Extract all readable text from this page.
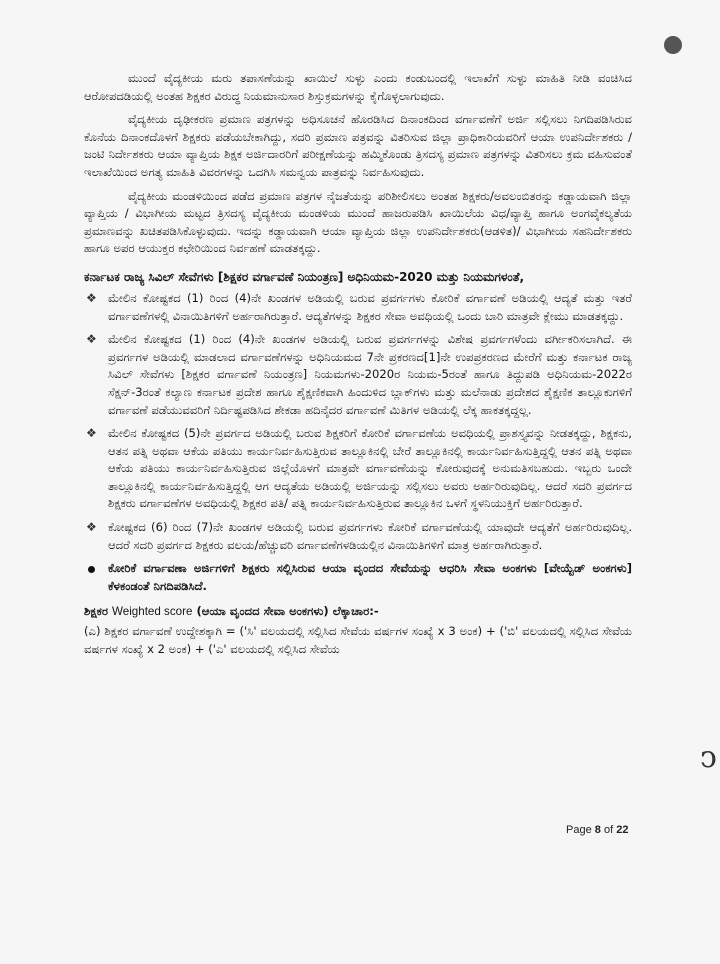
ↄ

ಮುಂದೆ ವೈದ್ಯಕೀಯ ಮರು ತಪಾಸಣೆಯನ್ನು ಖಾಯಿಲೆ ಸುಳ್ಳು ಎಂದು ಕಂಡುಬಂದಲ್ಲಿ ಇಲಾಖೆಗೆ ಸುಳ್ಳು ಮಾಹಿತಿ ನೀಡಿ ವಂಚಿಸಿದ ಆರೋಪದಡಿಯಲ್ಲಿ ಅಂತಹ ಶಿಕ್ಷಕರ ವಿರುದ್ಧ ನಿಯಮಾನುಸಾರ ಶಿಸ್ತುಕ್ರಮಗಳನ್ನು ಕೈಗೊಳ್ಳಲಾಗುವುದು.

ವೈದ್ಯಕೀಯ ದೃಢೀಕರಣ ಪ್ರಮಾಣ ಪತ್ರಗಳನ್ನು ಅಧಿಸೂಚನೆ ಹೊರಡಿಸಿದ ದಿನಾಂಕದಿಂದ ವರ್ಗಾವಣೆಗೆ ಅರ್ಜಿ ಸಲ್ಲಿಸಲು ನಿಗದಿಪಡಿಸಿರುವ ಕೊನೆಯ ದಿನಾಂಕದೊಳಗೆ ಶಿಕ್ಷಕರು ಪಡೆಯಬೇಕಾಗಿದ್ದು, ಸದರಿ ಪ್ರಮಾಣ ಪತ್ರವನ್ನು ವಿತರಿಸುವ ಜಿಲ್ಲಾ ಪ್ರಾಧಿಕಾರಿಯವರಿಗೆ ಆಯಾ ಉಪನಿರ್ದೇಶಕರು /ಜಂಟಿ ನಿರ್ದೇಶಕರು ಆಯಾ ವ್ಯಾಪ್ತಿಯ ಶಿಕ್ಷಕ ಅರ್ಜಿದಾರರಿಗೆ ಪರೀಕ್ಷಣೆಯನ್ನು ಹಮ್ಮಿಕೊಂಡು ತ್ರಿಸದಸ್ಯ ಪ್ರಮಾಣ ಪತ್ರಗಳನ್ನು ವಿತರಿಸಲು ಕ್ರಮ ವಹಿಸುವಂತೆ ಇಲಾಖೆಯಿಂದ ಅಗತ್ಯ ಮಾಹಿತಿ ವಿವರಗಳನ್ನು ಒದಗಿಸಿ ಸಮನ್ವಯ ಪಾತ್ರವನ್ನು ನಿರ್ವಹಿಸುವುದು.

ವೈದ್ಯಕೀಯ ಮಂಡಳಿಯಿಂದ ಪಡೆದ ಪ್ರಮಾಣ ಪತ್ರಗಳ ನೈಜತೆಯನ್ನು ಪರಿಶೀಲಿಸಲು ಅಂತಹ ಶಿಕ್ಷಕರು/ಅವಲಂಬಿತರನ್ನು ಕಡ್ಡಾಯವಾಗಿ ಜಿಲ್ಲಾ ವ್ಯಾಪ್ತಿಯ / ವಿಭಾಗೀಯ ಮಟ್ಟದ ತ್ರಿಸದಸ್ಯ ವೈದ್ಯಕೀಯ ಮಂಡಳಿಯ ಮುಂದೆ ಹಾಜರುಪಡಿಸಿ ಖಾಯಿಲೆಯ ವಿಧ/ವ್ಯಾಪ್ತಿ ಹಾಗೂ ಅಂಗವೈಕಲ್ಯತೆಯ ಪ್ರಮಾಣವನ್ನು ಖಚಿತಪಡಿಸಿಕೊಳ್ಳುವುದು. ಇದನ್ನು ಕಡ್ಡಾಯವಾಗಿ ಆಯಾ ವ್ಯಾಪ್ತಿಯ ಜಿಲ್ಲಾ ಉಪನಿರ್ದೇಶಕರು(ಆಡಳಿತ)/ ವಿಭಾಗೀಯ ಸಹನಿರ್ದೇಶಕರು ಹಾಗೂ ಅಪರ ಆಯುಕ್ತರ ಕಛೇರಿಯಿಂದ ನಿರ್ವಹಣೆ ಮಾಡತಕ್ಕದ್ದು.

ಕರ್ನಾಟಕ ರಾಜ್ಯ ಸಿವಿಲ್ ಸೇವೆಗಳು [ಶಿಕ್ಷಕರ ವರ್ಗಾವಣೆ ನಿಯಂತ್ರಣ] ಅಧಿನಿಯಮ-2020 ಮತ್ತು ನಿಯಮಗಳಂತೆ,
❖ ಮೇಲಿನ ಕೋಷ್ಟಕದ (1) ರಿಂದ (4)ನೇ ಖಂಡಗಳ ಅಡಿಯಲ್ಲಿ ಬರುವ ಪ್ರವರ್ಗಗಳು ಕೋರಿಕೆ ವರ್ಗಾವಣೆ ಅಡಿಯಲ್ಲಿ ಆದ್ಯತೆ ಮತ್ತು ಇತರೆ ವರ್ಗಾವಣೆಗಳಲ್ಲಿ ವಿನಾಯಿತಿಗಳಿಗೆ ಅರ್ಹರಾಗಿರುತ್ತಾರೆ. ಆದ್ಯತೆಗಳನ್ನು ಶಿಕ್ಷಕರ ಸೇವಾ ಅವಧಿಯಲ್ಲಿ ಒಂದು ಬಾರಿ ಮಾತ್ರವೇ ಕ್ಲೇಮು ಮಾಡತಕ್ಕದ್ದು.
❖ ಮೇಲಿನ ಕೋಷ್ಟಕದ (1) ರಿಂದ (4)ನೇ ಖಂಡಗಳ ಅಡಿಯಲ್ಲಿ ಬರುವ ಪ್ರವರ್ಗಗಳನ್ನು ವಿಶೇಷ ಪ್ರವರ್ಗಗಳೆಂದು ವರ್ಗೀಕರಿಸಲಾಗಿದೆ. ಈ ಪ್ರವರ್ಗಗಳ ಅಡಿಯಲ್ಲಿ ಮಾಡಲಾದ ವರ್ಗಾವಣೆಗಳನ್ನು ಅಧಿನಿಯಮದ 7ನೇ ಪ್ರಕರಣದ[1]ನೇ ಉಪಪ್ರಕರಣದ ಮೇರೆಗೆ ಮತ್ತು ಕರ್ನಾಟಕ ರಾಜ್ಯ ಸಿವಿಲ್ ಸೇವೆಗಳು [ಶಿಕ್ಷಕರ ವರ್ಗಾವಣೆ ನಿಯಂತ್ರಣ] ನಿಯಮಗಳು-2020ರ ನಿಯಮ-5ರಂತೆ ಹಾಗೂ ತಿದ್ದುಪಡಿ ಅಧಿನಿಯಮ-2022ರ ಸೆಕ್ಷನ್-3ರಂತೆ ಕಲ್ಯಾಣ ಕರ್ನಾಟಕ ಪ್ರದೇಶ ಹಾಗೂ ಶೈಕ್ಷಣಿಕವಾಗಿ ಹಿಂದುಳಿದ ಬ್ಲಾಕ್‌ಗಳು ಮತ್ತು ಮಲೆನಾಡು ಪ್ರದೇಶದ ಶೈಕ್ಷಣಿಕ ತಾಲ್ಲೂಕುಗಳಿಗೆ ವರ್ಗಾವಣೆ ಪಡೆಯುವವರಿಗೆ ನಿರ್ದಿಷ್ಟಪಡಿಸಿದ ಶೇಕಡಾ ಹದಿನೈದರ ವರ್ಗಾವಣೆ ಮಿತಿಗಳ ಅಡಿಯಲ್ಲಿ ಲೆಕ್ಕ ಹಾಕತಕ್ಕದ್ದಲ್ಲ.
❖ ಮೇಲಿನ ಕೋಷ್ಟಕದ (5)ನೇ ಪ್ರವರ್ಗದ ಅಡಿಯಲ್ಲಿ ಬರುವ ಶಿಕ್ಷಕರಿಗೆ ಕೋರಿಕೆ ವರ್ಗಾವಣೆಯ ಅವಧಿಯಲ್ಲಿ ಪ್ರಾಶಸ್ತ್ಯವನ್ನು ನೀಡತಕ್ಕದ್ದು, ಶಿಕ್ಷಕನು, ಆತನ ಪತ್ನಿ ಅಥವಾ ಆಕೆಯ ಪತಿಯು ಕಾರ್ಯನಿರ್ವಹಿಸುತ್ತಿರುವ ತಾಲ್ಲೂಕಿನಲ್ಲಿ ಬೇರೆ ತಾಲ್ಲೂಕಿನಲ್ಲಿ ಕಾರ್ಯನಿರ್ವಹಿಸುತ್ತಿದ್ದಲ್ಲಿ ಆತನ ಪತ್ನಿ ಅಥವಾ ಆಕೆಯ ಪತಿಯು ಕಾರ್ಯನಿರ್ವಹಿಸುತ್ತಿರುವ ಜಿಲ್ಲೆಯೊಳಗೆ ಮಾತ್ರವೇ ವರ್ಗಾವಣೆಯನ್ನು ಕೋರುವುದಕ್ಕೆ ಅನುಮತಿಸಬಹುದು. ಇಬ್ಬರು ಒಂದೇ ತಾಲ್ಲೂಕಿನಲ್ಲಿ ಕಾರ್ಯನಿರ್ವಹಿಸುತ್ತಿದ್ದಲ್ಲಿ ಆಗ ಆದ್ಯತೆಯ ಅಡಿಯಲ್ಲಿ ಅರ್ಜಿಯನ್ನು ಸಲ್ಲಿಸಲು ಅವರು ಅರ್ಹರಿರುವುದಿಲ್ಲ. ಆದರೆ ಸದರಿ ಪ್ರವರ್ಗದ ಶಿಕ್ಷಕರು ವರ್ಗಾವಣೆಗಳ ಅವಧಿಯಲ್ಲಿ ಶಿಕ್ಷಕರ ಪತಿ/ ಪತ್ನಿ ಕಾರ್ಯನಿರ್ವಹಿಸುತ್ತಿರುವ ತಾಲ್ಲೂಕಿನ ಒಳಗೆ ಸ್ಥಳನಿಯುಕ್ತಿಗೆ ಅರ್ಹರಿರುತ್ತಾರೆ.
❖ ಕೋಷ್ಟಕದ (6) ರಿಂದ (7)ನೇ ಖಂಡಗಳ ಅಡಿಯಲ್ಲಿ ಬರುವ ಪ್ರವರ್ಗಗಳು ಕೋರಿಕೆ ವರ್ಗಾವಣೆಯಲ್ಲಿ ಯಾವುದೇ ಆದ್ಯತೆಗೆ ಅರ್ಹರಿರುವುದಿಲ್ಲ. ಆದರೆ ಸದರಿ ಪ್ರವರ್ಗದ ಶಿಕ್ಷಕರು ವಲಯ/ಹೆಚ್ಚುವರಿ ವರ್ಗಾವಣೆಗಳಡಿಯಲ್ಲಿನ ವಿನಾಯಿತಿಗಳಿಗೆ ಮಾತ್ರ ಅರ್ಹರಾಗಿರುತ್ತಾರೆ.
ಕೋರಿಕೆ ವರ್ಗಾವಣಾ ಅರ್ಜಿಗಳಿಗೆ ಶಿಕ್ಷಕರು ಸಲ್ಲಿಸಿರುವ ಆಯಾ ವೃಂದದ ಸೇವೆಯನ್ನು ಆಧರಿಸಿ ಸೇವಾ ಅಂಕಗಳು [ವೇಯ್ಟೆಡ್ ಅಂಕಗಳು] ಕೆಳಕಂಡಂತೆ ನಿಗದಿಪಡಿಸಿದೆ.
ಶಿಕ್ಷಕರ Weighted score (ಆಯಾ ವೃಂದದ ಸೇವಾ ಅಂಕಗಳು) ಲೆಕ್ಕಾಚಾರ:-

(ಎ) ಶಿಕ್ಷಕರ ವರ್ಗಾವಣೆ ಉದ್ದೇಶಕ್ಕಾಗಿ = ('ಸಿ' ವಲಯದಲ್ಲಿ ಸಲ್ಲಿಸಿದ ಸೇವೆಯ ವರ್ಷಗಳ ಸಂಖ್ಯೆ x 3 ಅಂಕ) + ('ಬಿ' ವಲಯದಲ್ಲಿ ಸಲ್ಲಿಸಿದ ಸೇವೆಯ ವರ್ಷಗಳ ಸಂಖ್ಯೆ x 2 ಅಂಕ) + ('ಎ' ವಲಯದಲ್ಲಿ ಸಲ್ಲಿಸಿದ ಸೇವೆಯ

Page 8 of 22
